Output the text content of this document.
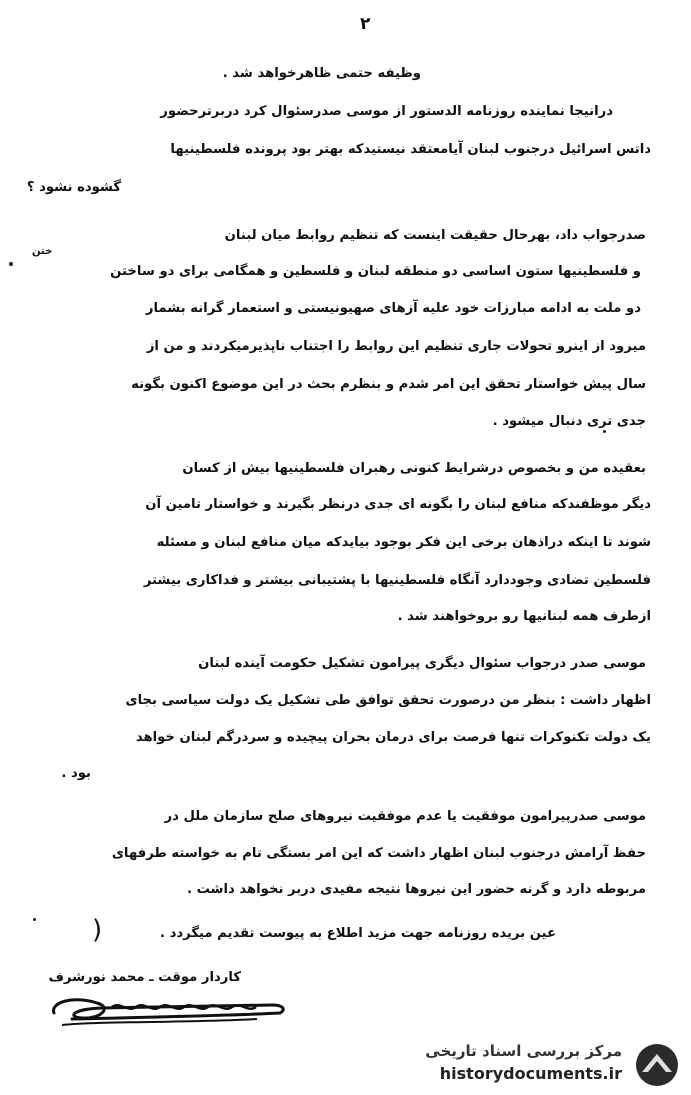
۲
وظیفه حتمی ظاهرخواهد شد .
درانیجا نماینده روزنامه الدستور از موسی صدرسئوال کرد دربرترحضور
داتس اسرائیل درجنوب لبنان آیامعتقد نیستیدکه بهتر بود پرونده فلسطینیها
گشوده نشود ؟
صدرجواب داد، بهرحال حقیقت اینست که تنظیم روابط میان لبنان
ختن
و فلسطینیها ستون اساسی دو منطقه لبنان و فلسطین و همگامی برای دو ساختن
دو ملت به ادامه مبارزات خود علیه آزهای صهیونیستی و استعمار گرانه بشمار
میرود از اینرو تحولات جاری تنظیم این روابط را اجتناب ناپذیرمیکردند و من از
سال پیش خواستار تحقق این امر شدم و بنظرم بحث در این موضوع اکنون بگونه
جدی تری دنبال میشود .
بعقیده من و بخصوص درشرایط کنونی رهبران فلسطینیها بیش از کسان
دیگر موظفندکه منافع لبنان را بگونه ای جدی درنظر بگیرند و خواستار تامین آن
شوند تا اینکه دراذهان برخی این فکر بوجود بیایدکه میان منافع لبنان و مسئله
فلسطین تضادی وجوددارد آنگاه فلسطینیها با پشتیبانی بیشتر و فداکاری بیشتر
ازطرف همه لبنانیها رو بروخواهند شد .
موسی صدر درجواب سئوال دیگری پیرامون تشکیل حکومت آینده لبنان
اظهار داشت : بنظر من درصورت تحقق توافق طی تشکیل یک دولت سیاسی بجای
یک دولت تکنوکرات تنها فرصت برای درمان بحران پیچیده و سردرگم لبنان خواهد
بود .
موسی صدرپیرامون موفقیت یا عدم موفقیت نیروهای صلح سازمان ملل در
حفظ آرامش درجنوب لبنان اظهار داشت که این امر بستگی تام به خواسته طرفهای
مربوطه دارد و گرنه حضور این نیروها نتیجه مفیدی دربر نخواهد داشت .
)	عین بریده روزنامه جهت مزید اطلاع به پیوست تقدیم میگردد .
کاردار موقت ـ محمد نورشرف
مرکز بررسی اسناد تاریخی
historydocuments.ir
